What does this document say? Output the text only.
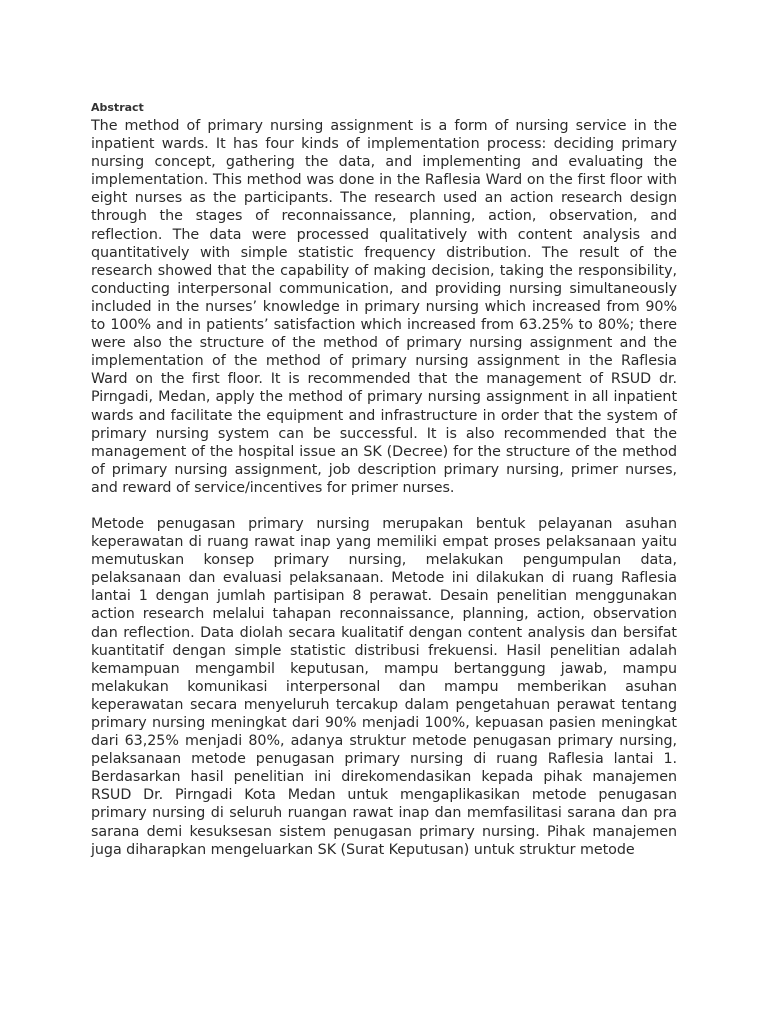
Abstract

The method of primary nursing assignment is a form of nursing service in the inpatient wards. It has four kinds of implementation process: deciding primary nursing concept, gathering the data, and implementing and evaluating the implementation. This method was done in the Raflesia Ward on the first floor with eight nurses as the participants. The research used an action research design through the stages of reconnaissance, planning, action, observation, and reflection. The data were processed qualitatively with content analysis and quantitatively with simple statistic frequency distribution. The result of the research showed that the capability of making decision, taking the responsibility, conducting interpersonal communication, and providing nursing simultaneously included in the nurses’ knowledge in primary nursing which increased from 90% to 100% and in patients’ satisfaction which increased from 63.25% to 80%; there were also the structure of the method of primary nursing assignment and the implementation of the method of primary nursing assignment in the Raflesia Ward on the first floor. It is recommended that the management of RSUD dr. Pirngadi, Medan, apply the method of primary nursing assignment in all inpatient wards and facilitate the equipment and infrastructure in order that the system of primary nursing system can be successful. It is also recommended that the management of the hospital issue an SK (Decree) for the structure of the method of primary nursing assignment, job description primary nursing, primer nurses, and reward of service/incentives for primer nurses.

Metode penugasan primary nursing merupakan bentuk pelayanan asuhan keperawatan di ruang rawat inap yang memiliki empat proses pelaksanaan yaitu memutuskan konsep primary nursing, melakukan pengumpulan data, pelaksanaan dan evaluasi pelaksanaan. Metode ini dilakukan di ruang Raflesia lantai 1 dengan jumlah partisipan 8 perawat. Desain penelitian menggunakan action research melalui tahapan reconnaissance, planning, action, observation dan reflection. Data diolah secara kualitatif dengan content analysis dan bersifat kuantitatif dengan simple statistic distribusi frekuensi. Hasil penelitian adalah kemampuan mengambil keputusan, mampu bertanggung jawab, mampu melakukan komunikasi interpersonal dan mampu memberikan asuhan keperawatan secara menyeluruh tercakup dalam pengetahuan perawat tentang primary nursing meningkat dari 90% menjadi 100%, kepuasan pasien meningkat dari 63,25% menjadi 80%, adanya struktur metode penugasan primary nursing, pelaksanaan metode penugasan primary nursing di ruang Raflesia lantai 1. Berdasarkan hasil penelitian ini direkomendasikan kepada pihak manajemen RSUD Dr. Pirngadi Kota Medan untuk mengaplikasikan metode penugasan primary nursing di seluruh ruangan rawat inap dan memfasilitasi sarana dan pra sarana demi kesuksesan sistem penugasan primary nursing. Pihak manajemen juga diharapkan mengeluarkan SK (Surat Keputusan) untuk struktur metode
